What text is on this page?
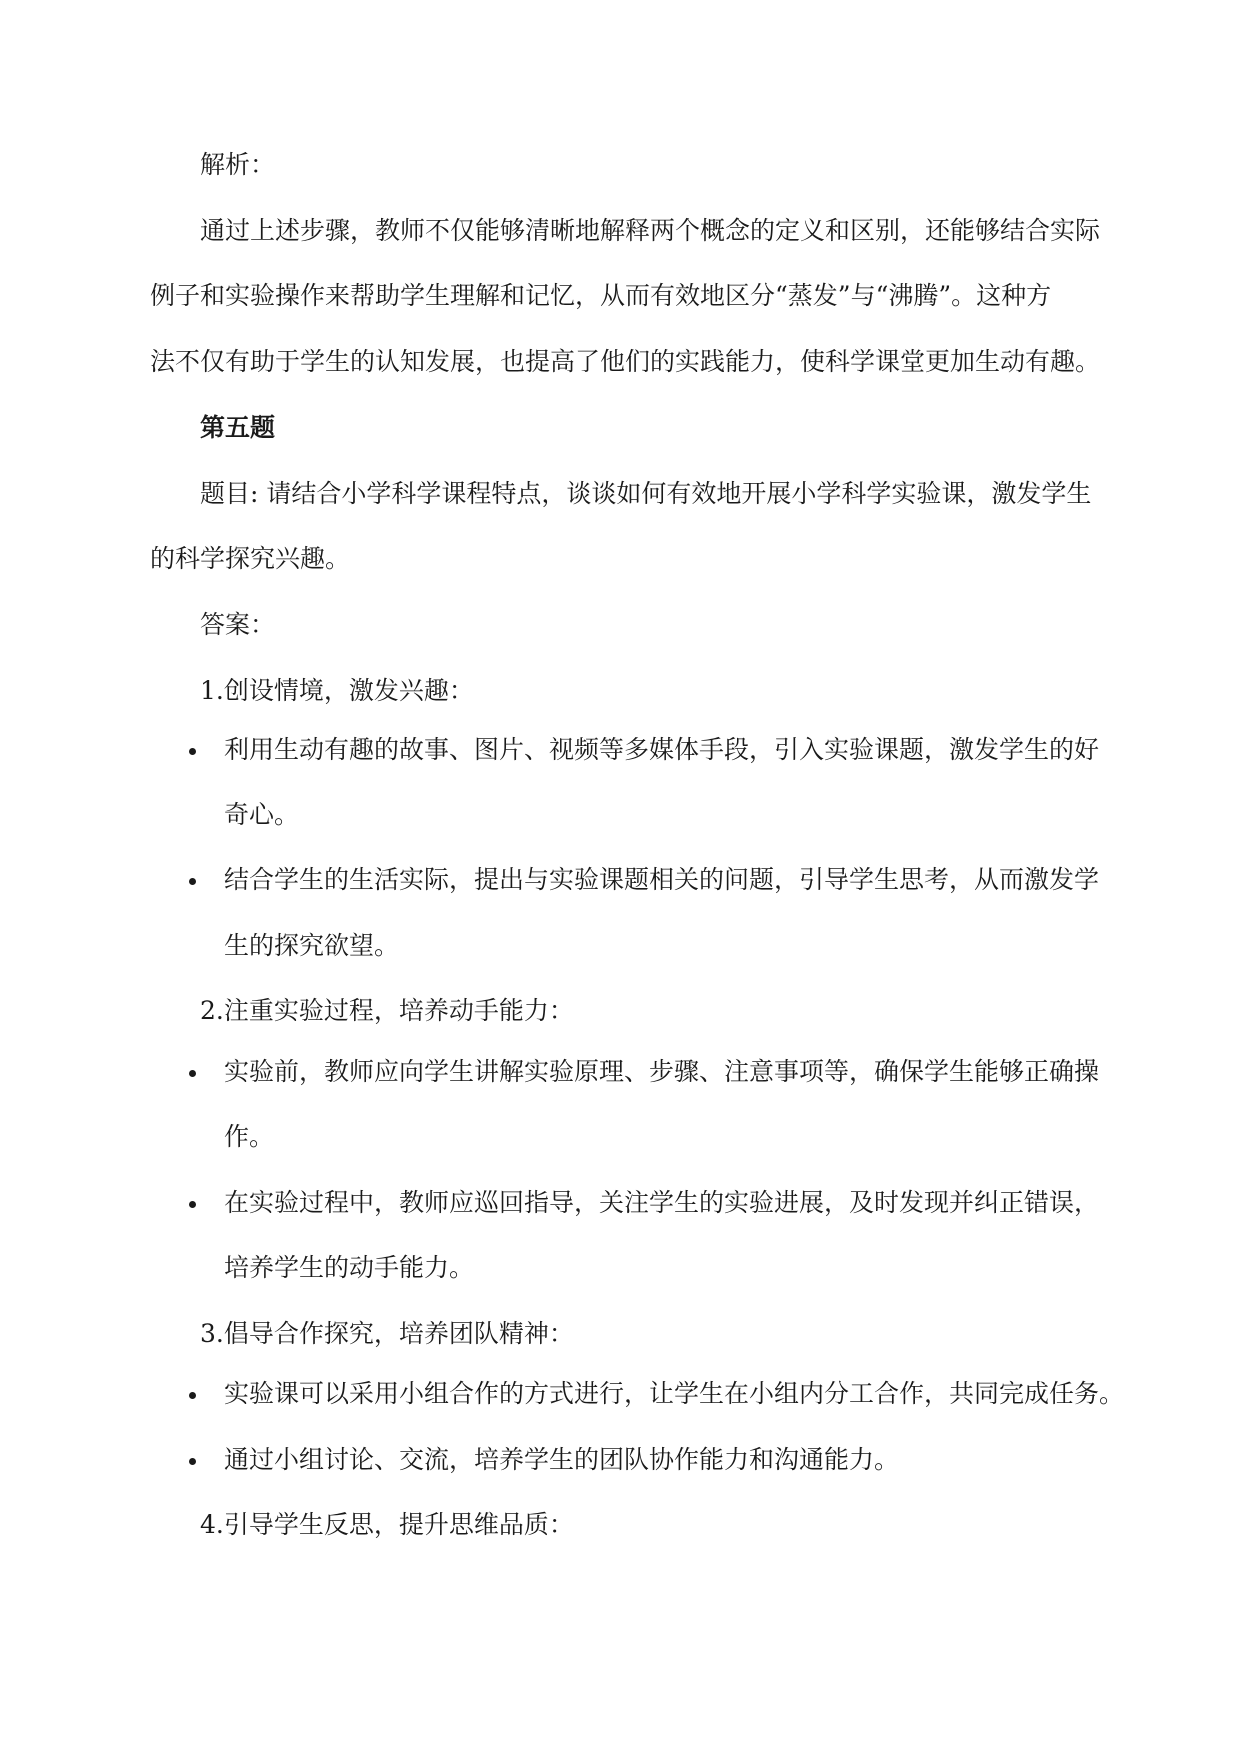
解析：
通过上述步骤，教师不仅能够清晰地解释两个概念的定义和区别，还能够结合实际
例子和实验操作来帮助学生理解和记忆，从而有效地区分“蒸发”与“沸腾”。这种方
法不仅有助于学生的认知发展，也提高了他们的实践能力，使科学课堂更加生动有趣。
第五题
题目: 请结合小学科学课程特点，谈谈如何有效地开展小学科学实验课，激发学生
的科学探究兴趣。
答案：
1.创设情境，激发兴趣：
利用生动有趣的故事、图片、视频等多媒体手段，引入实验课题，激发学生的好
奇心。
结合学生的生活实际，提出与实验课题相关的问题，引导学生思考，从而激发学
生的探究欲望。
2.注重实验过程，培养动手能力：
实验前，教师应向学生讲解实验原理、步骤、注意事项等，确保学生能够正确操
作。
在实验过程中，教师应巡回指导，关注学生的实验进展，及时发现并纠正错误，
培养学生的动手能力。
3.倡导合作探究，培养团队精神：
实验课可以采用小组合作的方式进行，让学生在小组内分工合作，共同完成任务。
通过小组讨论、交流，培养学生的团队协作能力和沟通能力。
4.引导学生反思，提升思维品质：
